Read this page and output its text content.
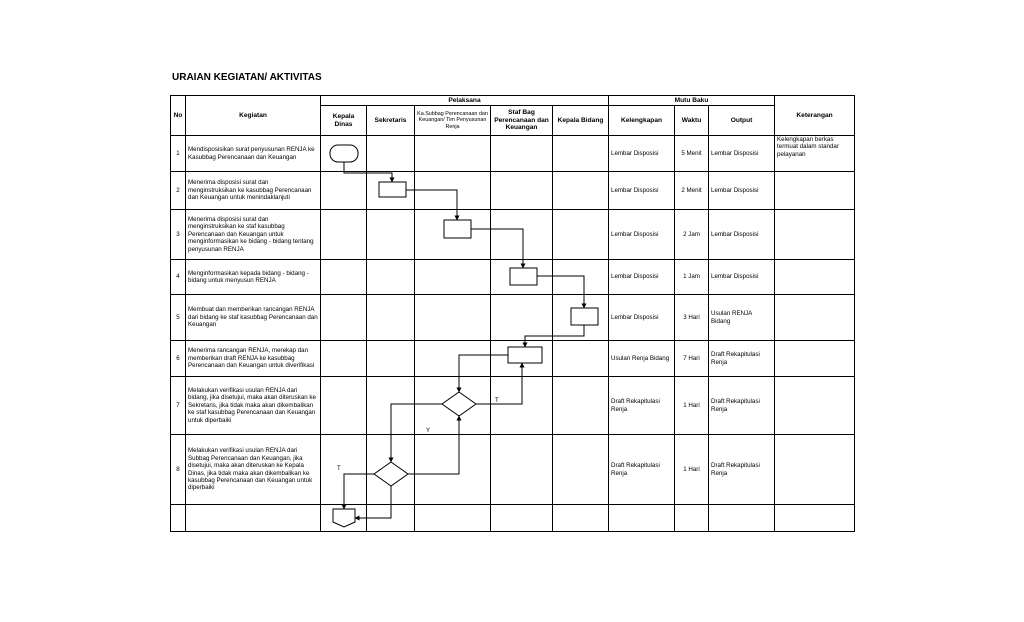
URAIAN KEGIATAN/ AKTIVITAS
No	Kegiatan	Pelaksana					Mutu Baku			Keterangan
		Kepala Dinas	Sekretaris	Ka.Subbag Perencanaan dan Keuangan/ Tim Penyusunan Renja	Staf Bag Perencanaan dan Keuangan	Kepala Bidang	Kelengkapan	Waktu	Output	
1	Mendisposisikan surat penyusunan RENJA ke Kasubbag Perencanaan dan Keuangan						Lembar Disposisi	5 Menit	Lembar Disposisi	Kelengkapan berkas termuat dalam standar pelayanan
2	Menerima disposisi surat dan menginstruksikan ke kasubbag Perencanaan dan Keuangan untuk menindaklanjuti						Lembar Disposisi	2 Menit	Lembar Disposisi	
3	Menerima disposisi surat dan menginstruksikan ke staf kasubbag Perencanaan dan Keuangan untuk menginformasikan ke bidang - bidang tentang penyusunan RENJA						Lembar Disposisi	2 Jam	Lembar Disposisi	
4	Menginformasikan kepada bidang - bidang - bidang untuk menyusun RENJA						Lembar Disposisi	1 Jam	Lembar Disposisi	
5	Membuat dan memberikan rancangan RENJA dari bidang ke staf kasubbag Perencanaan dan Keuangan						Lembar Disposisi	3 Hari	Usulan RENJA Bidang	
6	Menerima rancangan RENJA, merekap dan memberikan draft RENJA ke kasubbag Perencanaan dan Keuangan untuk diverifikasi						Usulan Renja Bidang	7 Hari	Draft Rekapitulasi Renja	
7	Melakukan verifikasi usulan RENJA dari bidang, jika disetujui, maka akan diteruskan ke Sekretaris, jika tidak maka akan dikembalikan ke staf kasubbag Perencanaan dan Keuangan untuk diperbaiki						Draft Rekapitulasi Renja	1 Hari	Draft Rekapitulasi Renja	
8	Melakukan verifikasi usulan RENJA dari Subbag Perencanaan dan Keuangan, jika disetujui, maka akan diteruskan ke Kepala Dinas, jika tidak maka akan dikembalikan ke kasubbag Perencanaan dan Keuangan untuk diperbaiki						Draft Rekapitulasi Renja	1 Hari	Draft Rekapitulasi Renja	

T
Y
T
